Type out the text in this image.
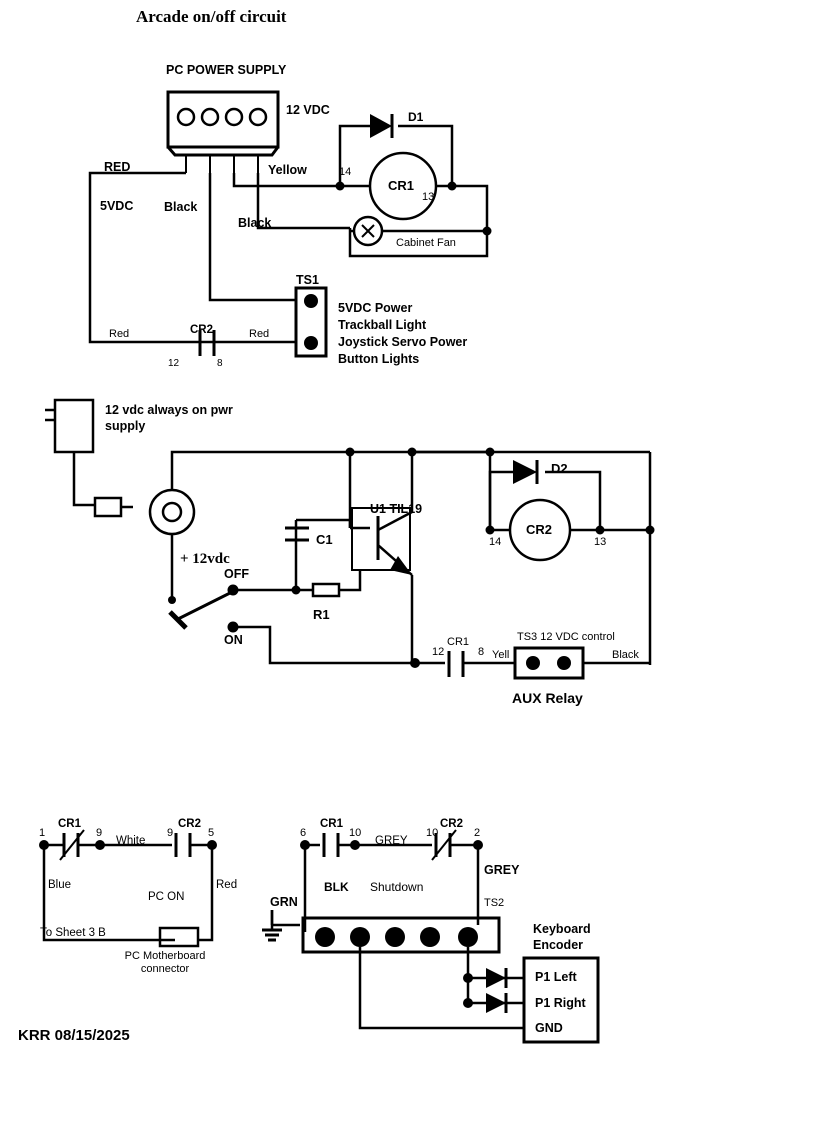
Arcade on/off circuit
PC POWER SUPPLY
12 VDC
RED
5VDC Black
Yellow
Black
D1
CR1
14
13
Cabinet Fan
TS1
5VDC Power
Trackball Light
Joystick Servo Power
Button Lights
Red	CR2
12	8
Red
12 vdc always on pwr supply
+ 12vdc
OFF
ON
C1
R1
U1 TIL19
D2
CR2
14	13
12
CR1
8 Yell
TS3 12 VDC control
Black
AUX Relay
1
CR1
9
White
9
CR2
5
Blue	Red
PC ON
To Sheet 3 B
PC Motherboard connector
6
CR1
10
GREY
10
CR2
2
GREY
GRN
BLK Shutdown
TS2
Keyboard Encoder
P1 Left
P1 Right
GND
KRR 08/15/2025
